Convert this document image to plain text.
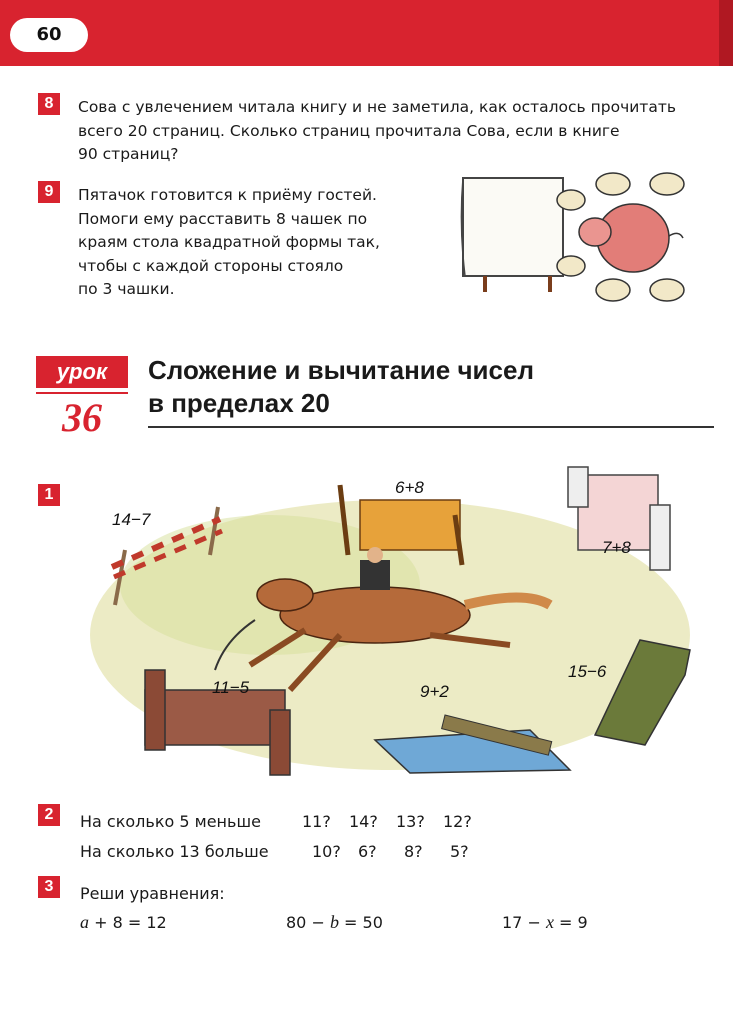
60
8	Сова с увлечением читала книгу и не заметила, как осталось прочитать
всего 20 страниц. Сколько страниц прочитала Сова, если в книге
90 страниц?
9	Пятачок готовится к приёму гостей.
Помоги ему расставить 8 чашек по
краям стола квадратной формы так,
чтобы с каждой стороны стояло
по 3 чашки.
урок
36
Сложение и вычитание чисел
в пределах 20
1
14−7
6+8
7+8
11−5	9+2
15−6
2	На сколько 5 меньше	11? 14? 13? 12?
На сколько 13 больше	10? 6? 8? 5?
3	Реши уравнения:
a + 8 = 12	80 − b = 50	17 − x = 9
